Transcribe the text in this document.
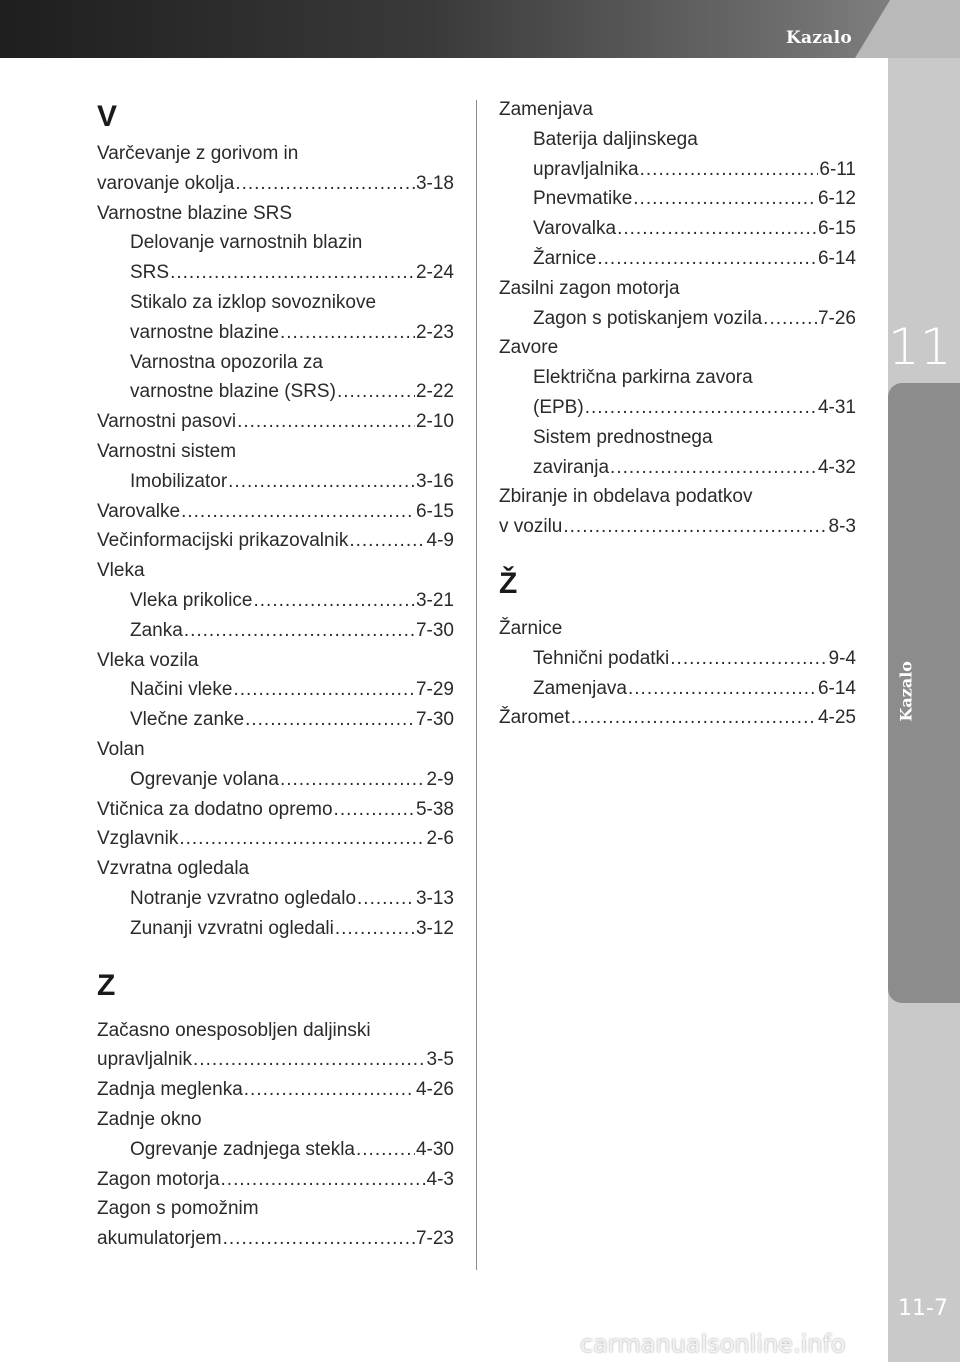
Kazalo
11
Kazalo
11-7
carmanualsonline.info
V
Varčevanje z gorivom in
varovanje okolja .....	3-18
Varnostne blazine SRS
Delovanje varnostnih blazin
SRS .....	2-24
Stikalo za izklop sovoznikove
varnostne blazine .....	2-23
Varnostna opozorila za
varnostne blazine (SRS) .....	2-22
Varnostni pasovi .....	2-10
Varnostni sistem
Imobilizator .....	3-16
Varovalke .....	6-15
Večinformacijski prikazovalnik .....	4-9
Vleka
Vleka prikolice .....	3-21
Zanka .....	7-30
Vleka vozila
Načini vleke .....	7-29
Vlečne zanke .....	7-30
Volan
Ogrevanje volana .....	2-9
Vtičnica za dodatno opremo .....	5-38
Vzglavnik .....	2-6
Vzvratna ogledala
Notranje vzvratno ogledalo .....	3-13
Zunanji vzvratni ogledali .....	3-12
Z
Začasno onesposobljen daljinski
upravljalnik .....	3-5
Zadnja meglenka .....	4-26
Zadnje okno
Ogrevanje zadnjega stekla .....	4-30
Zagon motorja .....	4-3
Zagon s pomožnim
akumulatorjem .....	7-23
Zamenjava
Baterija daljinskega
upravljalnika .....	6-11
Pnevmatike .....	6-12
Varovalka .....	6-15
Žarnice .....	6-14
Zasilni zagon motorja
Zagon s potiskanjem vozila .....	7-26
Zavore
Električna parkirna zavora
(EPB) .....	4-31
Sistem prednostnega
zaviranja .....	4-32
Zbiranje in obdelava podatkov
v vozilu .....	8-3
Ž
Žarnice
Tehnični podatki .....	9-4
Zamenjava .....	6-14
Žaromet .....	4-25
